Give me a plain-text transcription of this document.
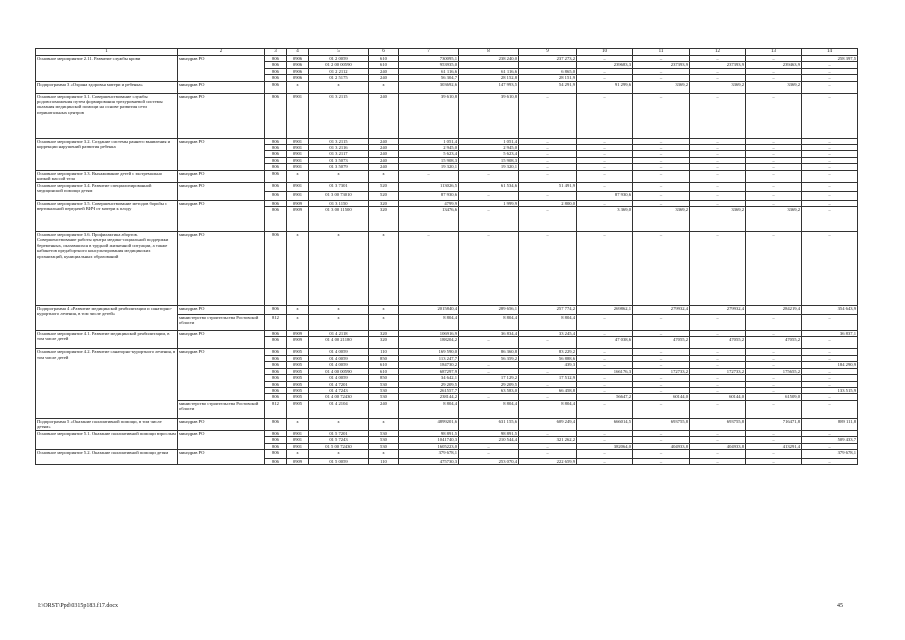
1	2	3	4	5	6	7	8	9	10	11	12	13	14
Основное мероприятие 2.11. Развитие службы крови	минздрав РО	806	0906	01 2 0059	610	730095,1	238 240,0	237 273,2	–	–	–	–	258 397,5
		806	0906	01 2 00 00590	610	953935,0			239683,3	237393,9	237393,9	239463,9	–
		806	0906	01 2 2112	240	61 116,6	61 116,6	6 865,0	–	–	–	–	–
		806	0906	01 2 5175	240	56 304,7	28 152,8	28 151,9	–	–	–	–	–
Подпрограмма 3 «Охрана здоровья матери и ребенка»	минздрав РО	806	x	x	x	303692,6	147 993,5	54 291,9	91 299,6	3369,2	3369,2	3369,2	–
Основное мероприятие 3.1. Совершенствование службы родовспоможения путем формирования трехуровневой системы оказания медицинской помощи на основе развития сети перинатальных центров	минздрав РО	806	0901	01 3 2115	240	39 610,8	39 610,8	–	–	–	–	–	–
Основное мероприятие 3.2. Создание системы раннего выявления и коррекции нарушений развития ребенка	минздрав РО	806	0901	01 3 2115	240	1 051,4	1 051,4	–	–	–	–	–	–
		806	0901	01 3 2116	240	2 945,0	2 945,0	–	–	–	–	–	–
		806	0901	01 3 2117	240	5 623,4	5 623,4	–	–	–	–	–	–
		806	0901	01 3 5073	240	15 908,3	15 908,3	–	–	–	–	–	–
		806	0901	01 3 5079	240	19 320,1	19 320,1	–	–	–	–	–	–
Основное мероприятие 3.3. Выхаживание детей с экстремально низкой массой тела	минздрав РО	806	x	x	x	–	–	–	–	–	–	–	–
Основное мероприятие 3.4. Развитие специализированной медицинской помощи детям	минздрав РО	806	0901	01 3 7301	520	113026,5	61 534,6	51 491,9	–	–	–	–	–
		806	0901	01 3 00 73010	520	87 930,6	–	–	87 930,6	–	–	–	–
Основное мероприятие 3.5. Совершенствование методов борьбы с вертикальной передачей ВИЧ от матери к плоду	минздрав РО	806	0909	01 3 1150	320	4799,9	1 999,9	2 800,0	–	–	–	–	–
		806	0909	01 3 00 11500	320	13476,6	–	–	3 369,0	3369,2	3369,2	3369,2	–
Основное мероприятие 3.6. Профилактика абортов. Совершенствование работы центра медико-социальной поддержки беременных, оказавшихся в трудной жизненной ситуации, а также кабинетов предабортного консультирования медицинских организаций, кунициальных образований	минздрав РО	806	x	x	x	–	–	–	–	–	–	–	–
Подпрограмма 4 «Развитие медицинской реабилитации и санаторно-курортного лечения, в том числе детей»	минздрав РО	806	x	x	x	2015840,4	289 656,1	257 774,2	269862,1	279932,4	279932,4	284219,4	354 643,9
	министерство строительства Ростовской области	812	x	x	x	8 804,4	8 804,4	8 804,4	–	–	–	–	–
Основное мероприятие 4.1. Развитие медицинской реабилитации, в том числе детей	минздрав РО	806	0909	01 4 2118	320	106916,9	36 834,4	33 245,4	–	–	–	–	36 837,1
		806	0909	01 4 00 21180	320	188204,2	–	–	47 038,6	47055,2	47055,2	47055,2	–
Основное мероприятие 4.2. Развитие санаторно-курортного лечения, в том числе детей	минздрав РО	806	0905	01 4 0059	110	169 590,0	86 360,8	83 229,2	–	–	–	–	–
		806	0905	01 4 0059	850	113 247,7	56 359,2	56 888,6	–	–	–	–	–
		806	0905	01 4 0059	610	184730,2	–	439,3	–	–	–	–	184 290,9
		806	0905	01 4 00 00590	610	687297,9	–	–	166176,3	172733,2	172733,2	175655,2	–
		806	0905	01 4 0059	850	34 642,1	17 129,2	17 512,9	–	–	–	–	–
		806	0905	01 4 7201	530	29 209,5	29 209,5	–	–	–	–	–	–
		806	0905	01 4 7243	530	261557,7	63 583,0	66 458,8	–	–	–	–	133 515,9
		806	0905	01 4 00 72430	530	238144,2	–	–	56647,2	60144,0	60144,0	61509,0	–
	министерство строительства Ростовской области	812	0905	01 4 2104	240	8 804,4	8 804,4	8 804,4	–	–	–	–	–
Подпрограмма 5 «Оказание паллиативной помощи, в том числе детям»	минздрав РО	806	x	x	x	4899201,6	631 155,6	609 249,4	666014,5	693755,8	693755,8	716471,8	889 111,8
Основное мероприятие 5.1. Оказание паллиативной помощи взрослым	минздрав РО	806	0901	01 5 7201	530	98 891,5	98 891,5	–	–	–	–	–	–
		806	0901	01 5 7243	530	1041740,3	210 544,4	321 262,2	–	–	–	–	509 433,7
		806	0901	01 5 00 72430	530	1605223,0	–	–	382064,0	404933,8	404933,8	413291,4	–
Основное мероприятие 5.2. Оказание паллиативной помощи детям	минздрав РО	806	x	x	x	379 678,1	–	–	–	–	–	–	379 678,1
		806	0909	01 5 0059	110	475730,3	253 070,4	222 659,9	–	–	–	–	–
I:\ORST\Ppd\0315p183.f17.docx	45
